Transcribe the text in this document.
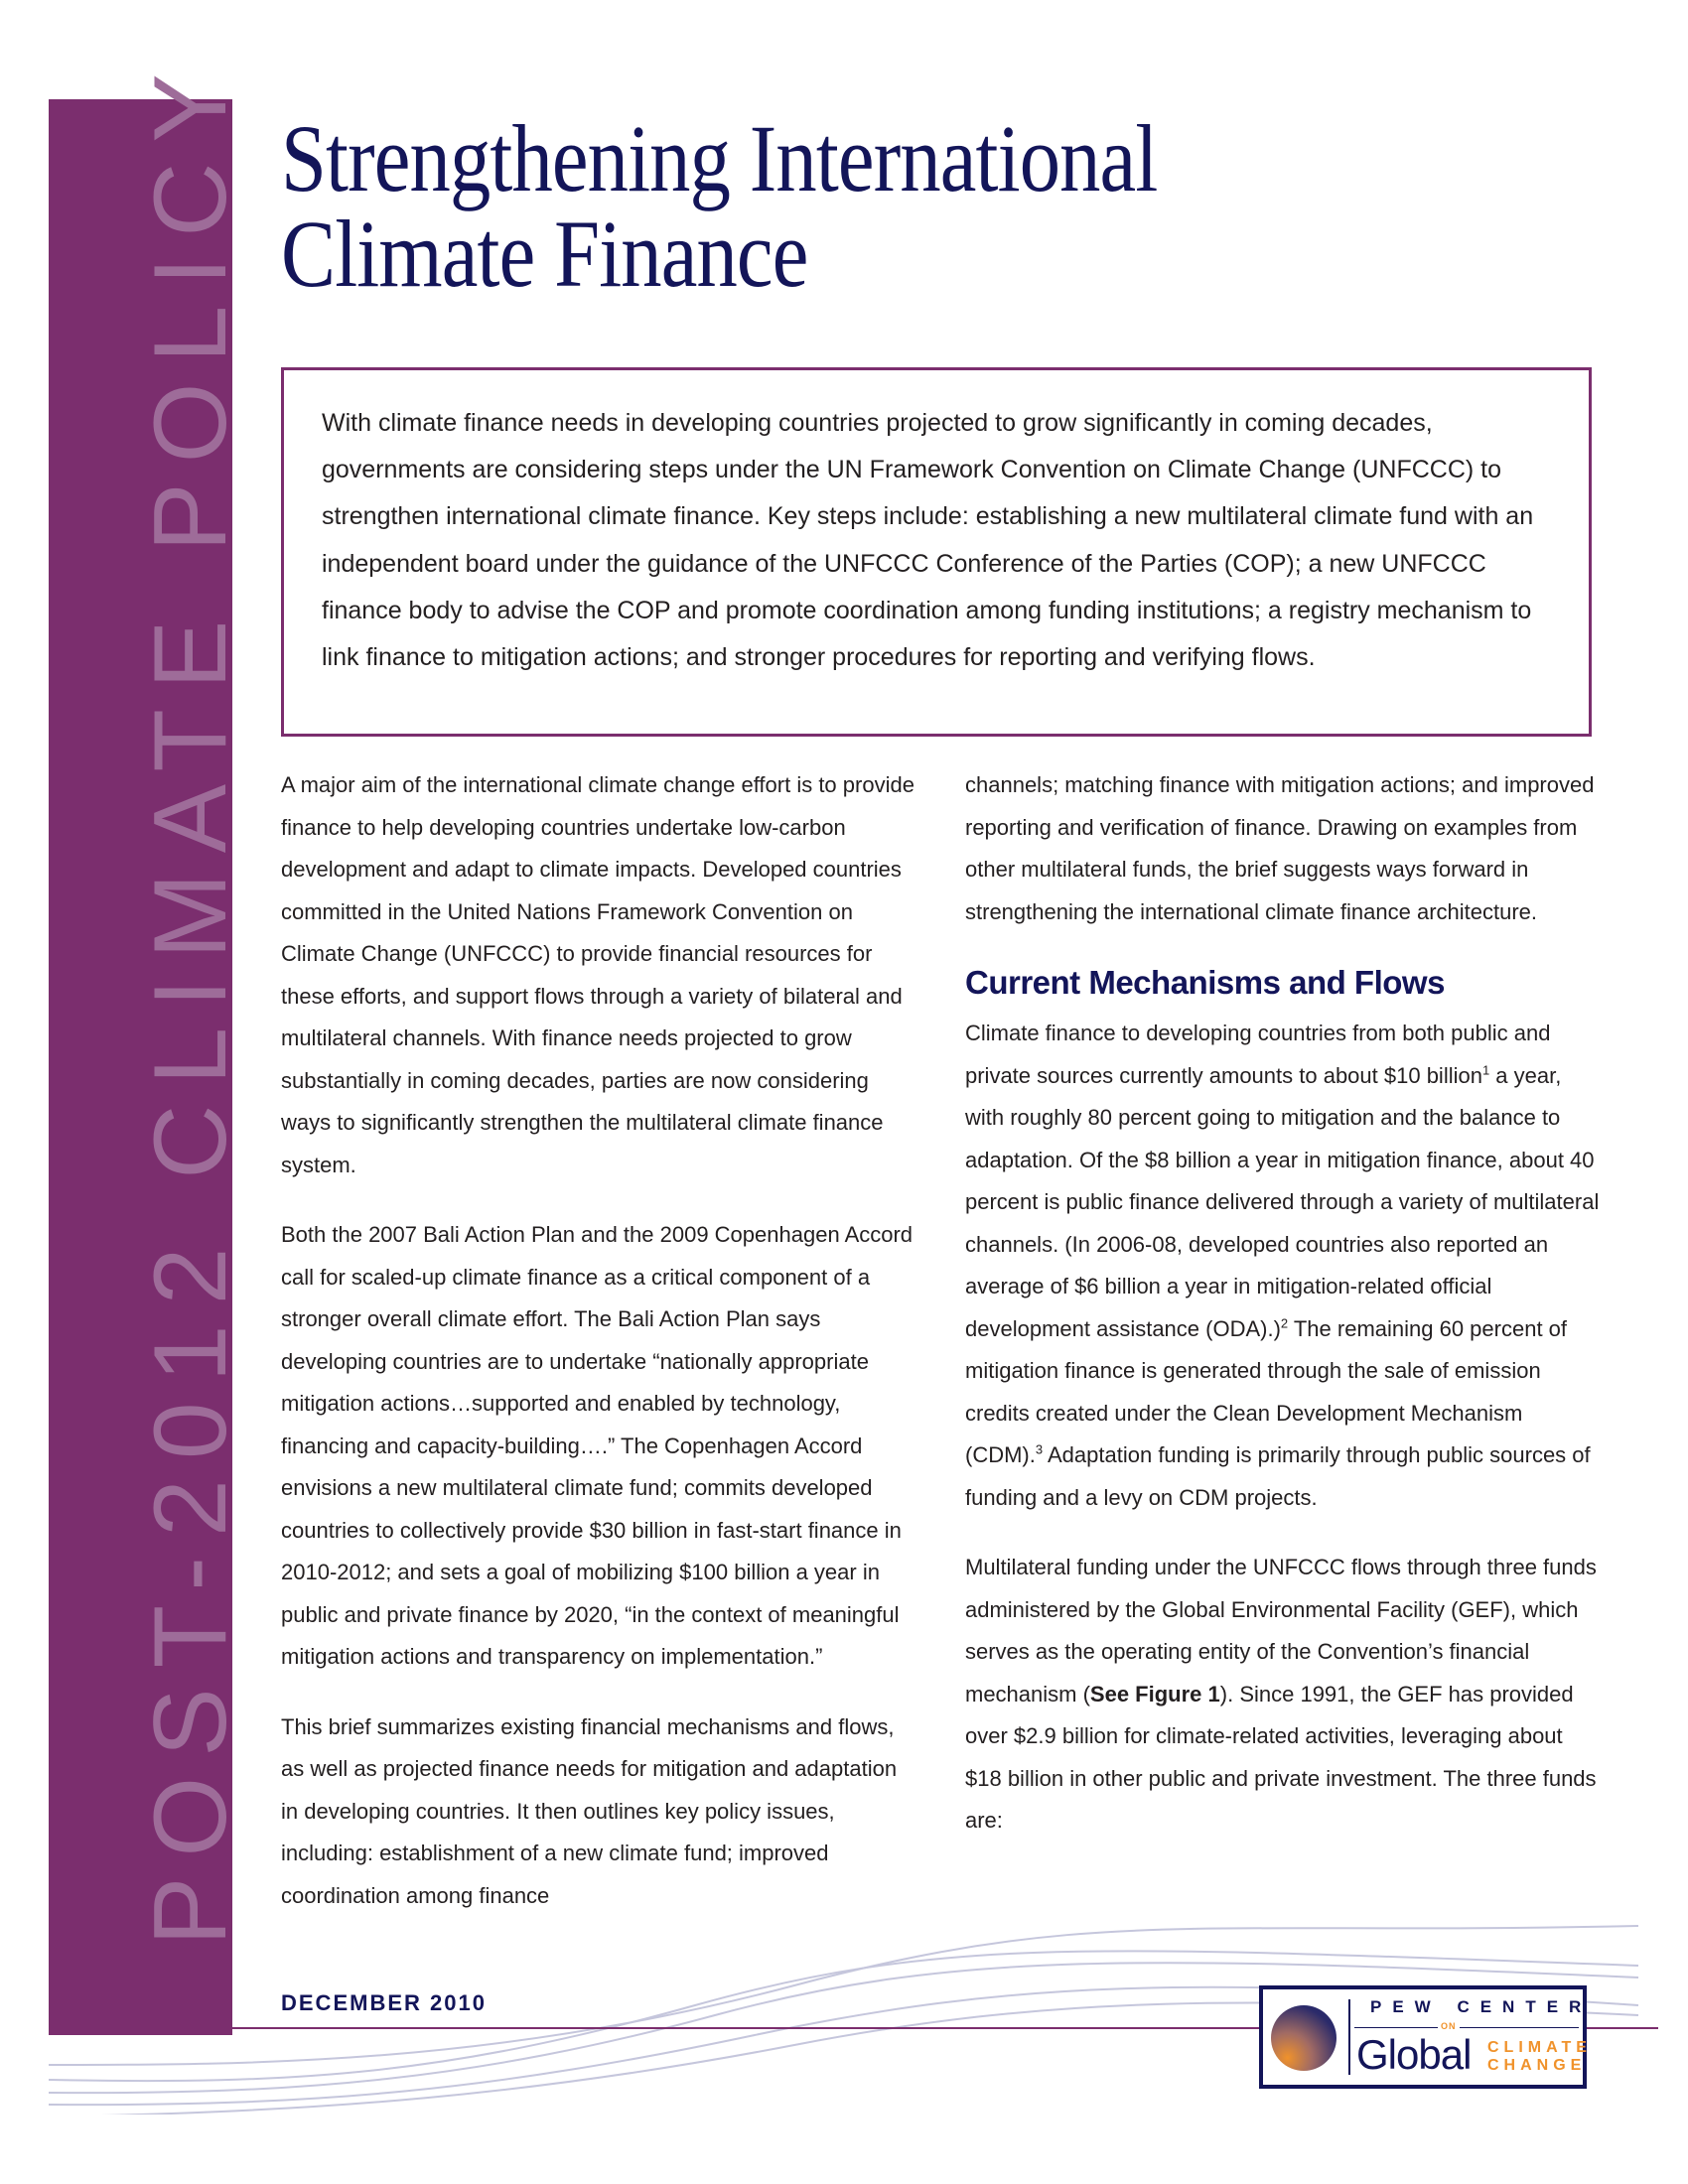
POST-2012 CLIMATE POLICY Strengthening International
Climate Finance

With climate finance needs in developing countries projected to grow significantly in coming decades, governments are considering steps under the UN Framework Convention on Climate Change (UNFCCC) to strengthen international climate finance. Key steps include: establishing a new multilateral climate fund with an independent board under the guidance of the UNFCCC Conference of the Parties (COP); a new UNFCCC finance body to advise the COP and promote coordination among funding institutions; a registry mechanism to link finance to mitigation actions; and stronger procedures for reporting and verifying flows.

A major aim of the international climate change effort is to provide finance to help developing countries undertake low-carbon development and adapt to climate impacts. Developed countries committed in the United Nations Framework Convention on Climate Change (UNFCCC) to provide financial resources for these efforts, and support flows through a variety of bilateral and multilateral channels. With finance needs projected to grow substantially in coming decades, parties are now considering ways to significantly strengthen the multilateral climate finance system.

Both the 2007 Bali Action Plan and the 2009 Copenhagen Accord call for scaled-up climate finance as a critical component of a stronger overall climate effort. The Bali Action Plan says developing countries are to undertake “nationally appropriate mitigation actions…supported and enabled by technology, financing and capacity-building….” The Copenhagen Accord envisions a new multilateral climate fund; commits developed countries to collectively provide $30 billion in fast-start finance in 2010-2012; and sets a goal of mobilizing $100 billion a year in public and private finance by 2020, “in the context of meaningful mitigation actions and transparency on implementation.”

This brief summarizes existing financial mechanisms and flows, as well as projected finance needs for mitigation and adaptation in developing countries. It then outlines key policy issues, including: establishment of a new climate fund; improved coordination among finance

channels; matching finance with mitigation actions; and improved reporting and verification of finance. Drawing on examples from other multilateral funds, the brief suggests ways forward in strengthening the international climate finance architecture.

Current Mechanisms and Flows

Climate finance to developing countries from both public and private sources currently amounts to about $10 billion$^1$ a year, with roughly 80 percent going to mitigation and the balance to adaptation. Of the $8 billion a year in mitigation finance, about 40 percent is public finance delivered through a variety of multilateral channels. (In 2006-08, developed countries also reported an average of $6 billion a year in mitigation-related official development assistance (ODA).)$^2$ The remaining 60 percent of mitigation finance is generated through the sale of emission credits created under the Clean Development Mechanism (CDM).$^3$ Adaptation funding is primarily through public sources of funding and a levy on CDM projects.

Multilateral funding under the UNFCCC flows through three funds administered by the Global Environmental Facility (GEF), which serves as the operating entity of the Convention’s financial mechanism (See Figure 1). Since 1991, the GEF has provided over $2.9 billion for climate-related activities, leveraging about $18 billion in other public and private investment. The three funds are:

DECEMBER 2010	PEW CENTER
ON
Global CLIMATE
CHANGE
